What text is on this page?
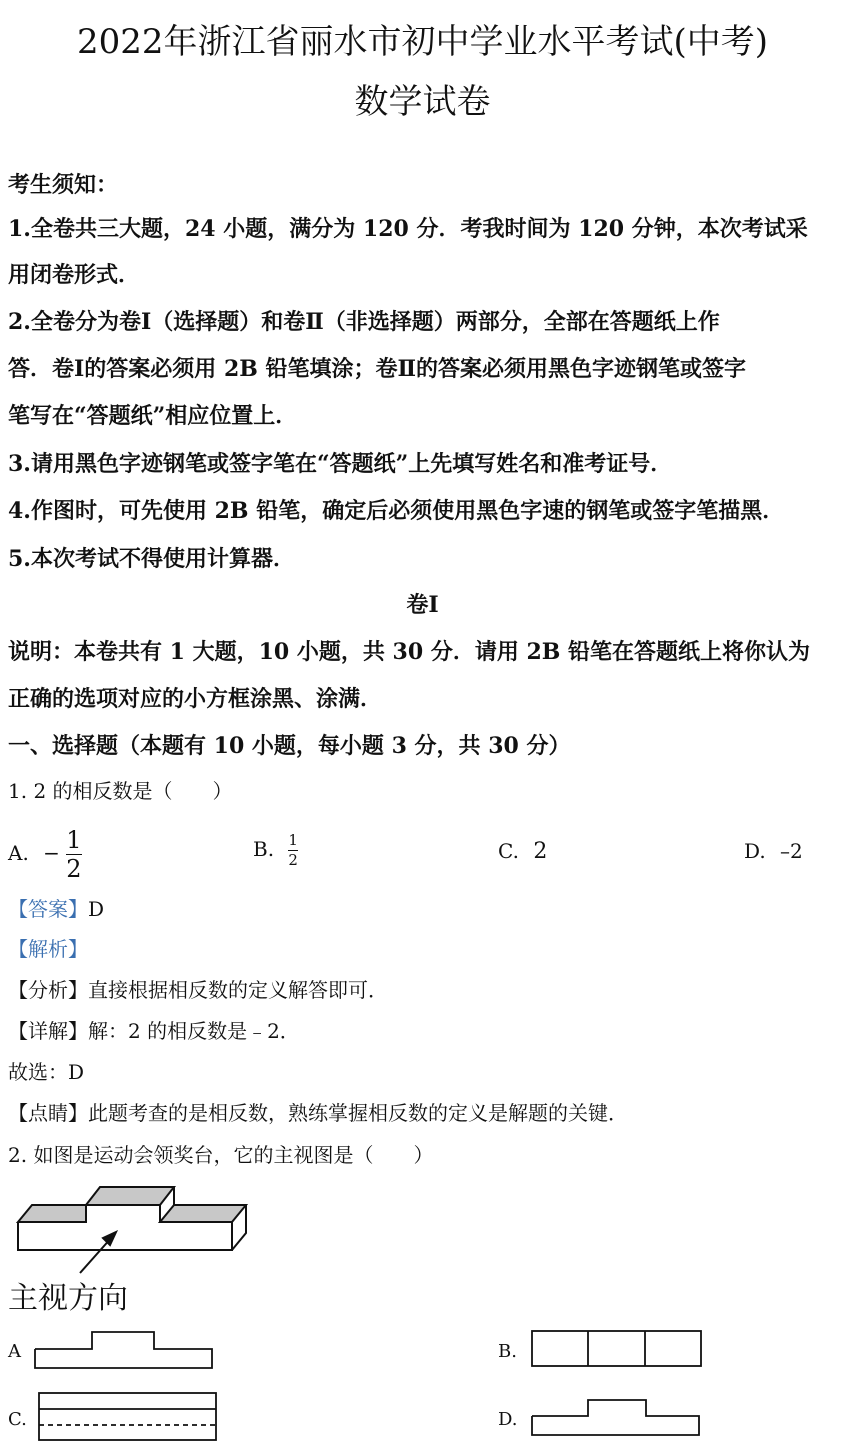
2022年浙江省丽水市初中学业水平考试(中考)
数学试卷
考生须知：
1.全卷共三大题，24 小题，满分为 120 分．考我时间为 120 分钟，本次考试采
用闭卷形式．
2.全卷分为卷Ⅰ（选择题）和卷Ⅱ（非选择题）两部分，全部在答题纸上作
答．卷Ⅰ的答案必须用 2B 铅笔填涂；卷Ⅱ的答案必须用黑色字迹钢笔或签字
笔写在“答题纸”相应位置上．
3.请用黑色字迹钢笔或签字笔在“答题纸”上先填写姓名和准考证号．
4.作图时，可先使用 2B 铅笔，确定后必须使用黑色字速的钢笔或签字笔描黑．
5.本次考试不得使用计算器．
卷Ⅰ
说明：本卷共有 1 大题，10 小题，共 30 分．请用 2B 铅笔在答题纸上将你认为
正确的选项对应的小方框涂黑、涂满．
一、选择题（本题有 10 小题，每小题 3 分，共 30 分）
1. 2 的相反数是（　　）
A. − $\frac{1}{2}$	B. $\frac{1}{2}$	C. 2	D. –2
【答案】D
【解析】
【分析】直接根据相反数的定义解答即可．
【详解】解：2 的相反数是﹣2．
故选：D
【点睛】此题考查的是相反数，熟练掌握相反数的定义是解题的关键．
2. 如图是运动会领奖台，它的主视图是（　　）
主视方向
A	B.
C.	D.
